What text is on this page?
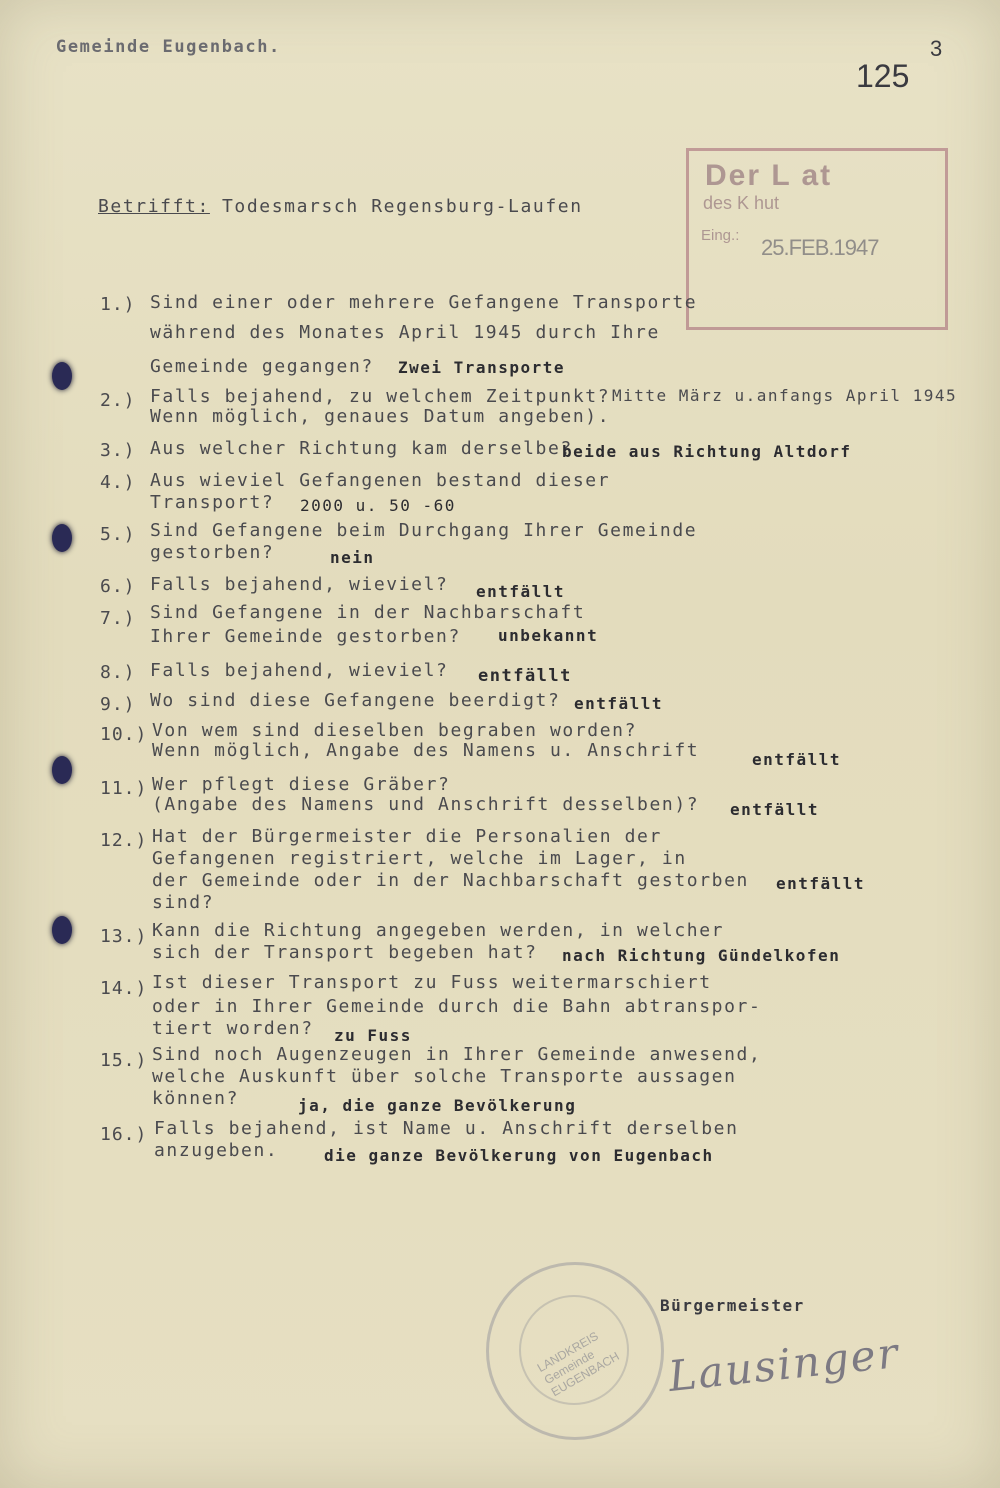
Gemeinde Eugenbach.
125
3
Betrifft: Todesmarsch Regensburg-Laufen
Der L at
des K hut
Eing.: 25.FEB.1947
1.) Sind einer oder mehrere Gefangene Transporte
während des Monates April 1945 durch Ihre
Gemeinde gegangen? Zwei Transporte
2.) Falls bejahend, zu welchem Zeitpunkt?
Wenn möglich, genaues Datum angeben).
Mitte März u.anfangs April 1945
3.) Aus welcher Richtung kam derselbe?
beide aus Richtung Altdorf
4.) Aus wieviel Gefangenen bestand dieser
Transport? 2000 u. 50 -60
5.) Sind Gefangene beim Durchgang Ihrer Gemeinde
gestorben?	nein
6.) Falls bejahend, wieviel? entfällt
7.) Sind Gefangene in der Nachbarschaft
Ihrer Gemeinde gestorben? unbekannt
8.) Falls bejahend, wieviel? entfällt
9.) Wo sind diese Gefangene beerdigt? entfällt
10.) Von wem sind dieselben begraben worden?
Wenn möglich, Angabe des Namens u. Anschrift	entfällt
11.) Wer pflegt diese Gräber?
(Angabe des Namens und Anschrift desselben)? entfällt
12.) Hat der Bürgermeister die Personalien der
Gefangenen registriert, welche im Lager, in
der Gemeinde oder in der Nachbarschaft gestorben
sind?
entfällt
13.) Kann die Richtung angegeben werden, in welcher
sich der Transport begeben hat? nach Richtung Gündelkofen
14.) Ist dieser Transport zu Fuss weitermarschiert
oder in Ihrer Gemeinde durch die Bahn abtranspor-
tiert worden? zu Fuss
15.) Sind noch Augenzeugen in Ihrer Gemeinde anwesend,
welche Auskunft über solche Transporte aussagen
können?	ja, die ganze Bevölkerung
16.) Falls bejahend, ist Name u. Anschrift derselben
anzugeben.	die ganze Bevölkerung von Eugenbach
LANDKREIS Gemeinde EUGENBACH
Bürgermeister
Lausinger
